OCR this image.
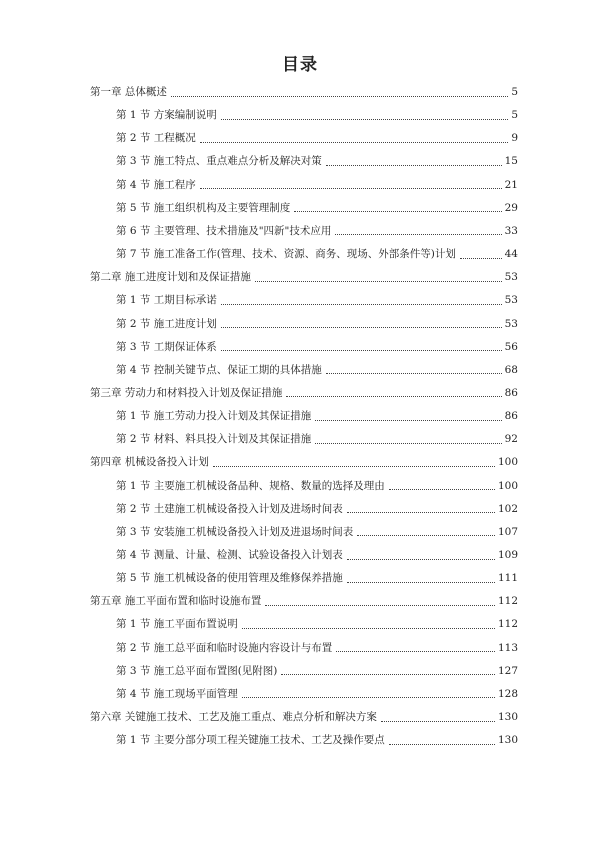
目录
第一章 总体概述	5
第 1 节 方案编制说明	5
第 2 节 工程概况	9
第 3 节 施工特点、重点难点分析及解决对策	15
第 4 节 施工程序	21
第 5 节 施工组织机构及主要管理制度	29
第 6 节 主要管理、技术措施及"四新"技术应用	33
第 7 节 施工准备工作(管理、技术、资源、商务、现场、外部条件等)计划	44
第二章 施工进度计划和及保证措施	53
第 1 节 工期目标承诺	53
第 2 节 施工进度计划	53
第 3 节 工期保证体系	56
第 4 节 控制关键节点、保证工期的具体措施	68
第三章 劳动力和材料投入计划及保证措施	86
第 1 节 施工劳动力投入计划及其保证措施	86
第 2 节 材料、料具投入计划及其保证措施	92
第四章 机械设备投入计划	100
第 1 节 主要施工机械设备品种、规格、数量的选择及理由	100
第 2 节 土建施工机械设备投入计划及进场时间表	102
第 3 节 安装施工机械设备投入计划及进退场时间表	107
第 4 节 测量、计量、检测、试验设备投入计划表	109
第 5 节 施工机械设备的使用管理及维修保养措施	111
第五章 施工平面布置和临时设施布置	112
第 1 节 施工平面布置说明	112
第 2 节 施工总平面和临时设施内容设计与布置	113
第 3 节 施工总平面布置图(见附图)	127
第 4 节 施工现场平面管理	128
第六章 关键施工技术、工艺及施工重点、难点分析和解决方案	130
第 1 节 主要分部分项工程关键施工技术、工艺及操作要点	130
